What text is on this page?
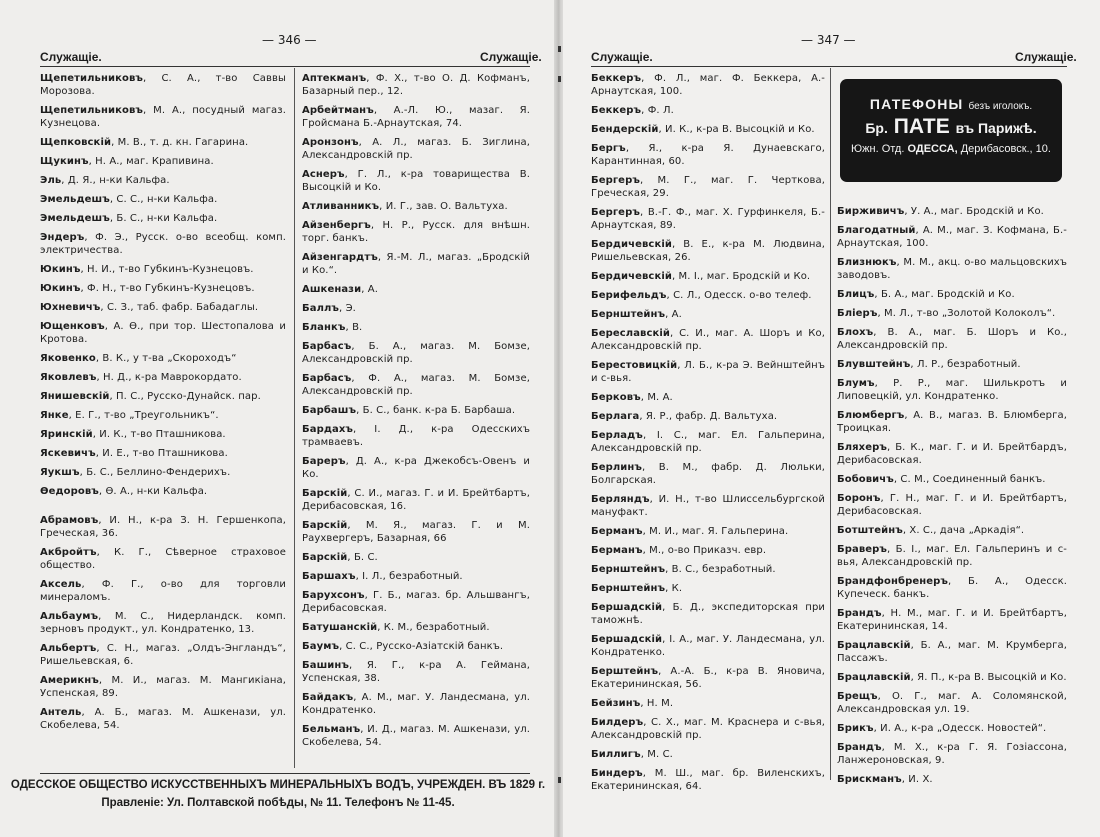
— 346 —
Служащіе.	Служащіе.
Щепетильниковъ, С. А., т-во Саввы Морозова.
Щепетильниковъ, М. А., посудный магаз. Кузнецова.
Щепковскій, М. В., т. д. кн. Гагарина.
Щукинъ, Н. А., маг. Крапивина.
Эль, Д. Я., н-ки Кальфа.
Эмельдешъ, С. С., н-ки Кальфа.
Эмельдешъ, Б. С., н-ки Кальфа.
Эндеръ, Ф. Э., Русск. о-во всеобщ. комп. электричества.
Юкинъ, Н. И., т-во Губкинъ-Кузнецовъ.
Юкинъ, Ф. Н., т-во Губкинъ-Кузнецовъ.
Юхневичъ, С. З., таб. фабр. Бабадаглы.
Ющенковъ, А. Ѳ., при тор. Шестопалова и Кротова.
Яковенко, В. К., у т-ва „Скороходъ“
Яковлевъ, Н. Д., к-ра Маврокордато.
Янишевскій, П. С., Русско-Дунайск. пар.
Янке, Е. Г., т-во „Треугольникъ“.
Яринскій, И. К., т-во Пташникова.
Яскевичъ, И. Е., т-во Пташникова.
Яукшъ, Б. С., Беллино-Фендерихъ.
Ѳедоровъ, Ѳ. А., н-ки Кальфа.
Абрамовъ, И. Н., к-ра З. Н. Гершенкопа, Греческая, 36.
Акбройтъ, К. Г., Сѣверное страховое общество.
Аксель, Ф. Г., о-во для торговли минераломъ.
Альбаумъ, М. С., Нидерландск. комп. зерновъ продукт., ул. Кондратенко, 13.
Альбертъ, С. Н., магаз. „Олдъ-Энгландъ“, Ришельевская, 6.
Америкнъ, М. И., магаз. М. Мангикіана, Успенская, 89.
Антель, А. Б., магаз. М. Ашкенази, ул. Скобелева, 54.
Аптекманъ, Ф. Х., т-во О. Д. Кофманъ, Базарный пер., 12.
Арбейтманъ, А.-Л. Ю., мазаг. Я. Гройсмана Б.-Арнаутская, 74.
Аронзонъ, А. Л., магаз. Б. Зиглина, Александровскій пр.
Аснеръ, Г. Л., к-ра товарищества В. Высоцкій и Ко.
Атливанникъ, И. Г., зав. О. Вальтуха.
Айзенбергъ, Н. Р., Русск. для внѣшн. торг. банкъ.
Айзенгардтъ, Я.-М. Л., магаз. „Бродскій и Ко.“.
Ашкенази, А.
Баллъ, Э.
Бланкъ, В.
Барбасъ, Б. А., магаз. М. Бомзе, Александровскій пр.
Барбасъ, Ф. А., магаз. М. Бомзе, Александровскій пр.
Барбашъ, Б. С., банк. к-ра Б. Барбаша.
Бардахъ, І. Д., к-ра Одесскихъ трамваевъ.
Бареръ, Д. А., к-ра Джекобсъ-Овенъ и Ко.
Барскій, С. И., магаз. Г. и И. Брейтбартъ, Дерибасовская, 16.
Барскій, М. Я., магаз. Г. и М. Раухвергеръ, Базарная, 66
Барскій, Б. С.
Баршахъ, І. Л., безработный.
Барухсонъ, Г. Б., магаз. бр. Альшвангъ, Дерибасовская.
Батушанскій, К. М., безработный.
Баумъ, С. С., Русско-Азіатскій банкъ.
Башинъ, Я. Г., к-ра А. Геймана, Успенская, 38.
Байдакъ, А. М., маг. У. Ландесмана, ул. Кондратенко.
Бельманъ, И. Д., магаз. М. Ашкенази, ул. Скобелева, 54.
ОДЕССКОЕ ОБЩЕСТВО ИСКУССТВЕННЫХЪ МИНЕРАЛЬНЫХЪ ВОДЪ, УЧРЕЖДЕН. ВЪ 1829 г.
Правленіе: Ул. Полтавской побѣды, № 11. Телефонъ № 11-45.
— 347 —
Служащіе.	Служащіе.
Беккеръ, Ф. Л., маг. Ф. Беккера, А.-Арнаутская, 100.
Беккеръ, Ф. Л.
Бендерскій, И. К., к-ра В. Высоцкій и Ко.
Бергъ, Я., к-ра Я. Дунаевскаго, Карантинная, 60.
Бергеръ, М. Г., маг. Г. Черткова, Греческая, 29.
Бергеръ, В.-Г. Ф., маг. Х. Гурфинкеля, Б.-Арнаутская, 89.
Бердичевскій, В. Е., к-ра М. Людвина, Ришельевская, 26.
Бердичевскій, М. І., маг. Бродскій и Ко.
Берифельдъ, С. Л., Одесск. о-во телеф.
Бернштейнъ, А.
Береславскій, С. И., маг. А. Шоръ и Ко, Александровскій пр.
Берестовицкій, Л. Б., к-ра Э. Вейнштейнъ и с-вья.
Берковъ, М. А.
Берлага, Я. Р., фабр. Д. Вальтуха.
Берладъ, І. С., маг. Ел. Гальперина, Александровскій пр.
Берлинъ, В. М., фабр. Д. Люльки, Болгарская.
Берляндъ, И. Н., т-во Шлиссельбургской мануфакт.
Берманъ, М. И., маг. Я. Гальперина.
Берманъ, М., о-во Приказч. евр.
Бернштейнъ, В. С., безработный.
Бернштейнъ, К.
Бершадскій, Б. Д., экспедиторская при таможнѣ.
Бершадскій, І. А., маг. У. Ландесмана, ул. Кондратенко.
Берштейнъ, А.-А. Б., к-ра В. Яновича, Екатерининская, 56.
Бейзинъ, Н. М.
Билдеръ, С. Х., маг. М. Краснера и с-вья, Александровскій пр.
Биллигъ, М. С.
Биндеръ, М. Ш., маг. бр. Виленскихъ, Екатерининская, 64.
Бирживичъ, У. А., маг. Бродскій и Ко.
Благодатный, А. М., маг. З. Кофмана, Б.-Арнаутская, 100.
Близнюкъ, М. М., акц. о-во мальцовскихъ заводовъ.
Блицъ, Б. А., маг. Бродскій и Ко.
Бліеръ, М. Л., т-во „Золотой Колоколъ“.
Блохъ, В. А., маг. Б. Шоръ и Ко., Александровскій пр.
Блувштейнъ, Л. Р., безработный.
Блумъ, Р. Р., маг. Шилькротъ и Липовецкій, ул. Кондратенко.
Блюмбергъ, А. В., магаз. В. Блюмберга, Троицкая.
Бляхеръ, Б. К., маг. Г. и И. Брейтбардъ, Дерибасовская.
Бобовичъ, С. М., Соединенный банкъ.
Боронъ, Г. Н., маг. Г. и И. Брейтбартъ, Дерибасовская.
Ботштейнъ, Х. С., дача „Аркадія“.
Браверъ, Б. І., маг. Ел. Гальперинъ и с-вья, Александровскій пр.
Брандфонбренеръ, Б. А., Одесск. Купеческ. банкъ.
Брандъ, Н. М., маг. Г. и И. Брейтбартъ, Екатерининская, 14.
Брацлавскій, Б. А., маг. М. Крумберга, Пассажъ.
Брацлавскій, Я. П., к-ра В. Высоцкій и Ко.
Брещъ, О. Г., маг. А. Соломянской, Александровская ул. 19.
Брикъ, И. А., к-ра „Одесск. Новостей“.
Брандъ, М. Х., к-ра Г. Я. Гозіассона, Ланжероновская, 9.
Брискманъ, И. Х.
ПАТЕФОНЫ безъ иголокъ.
Бр. ПАТЕ въ Парижѣ.
Южн. Отд. ОДЕССА, Дерибасовск., 10.
